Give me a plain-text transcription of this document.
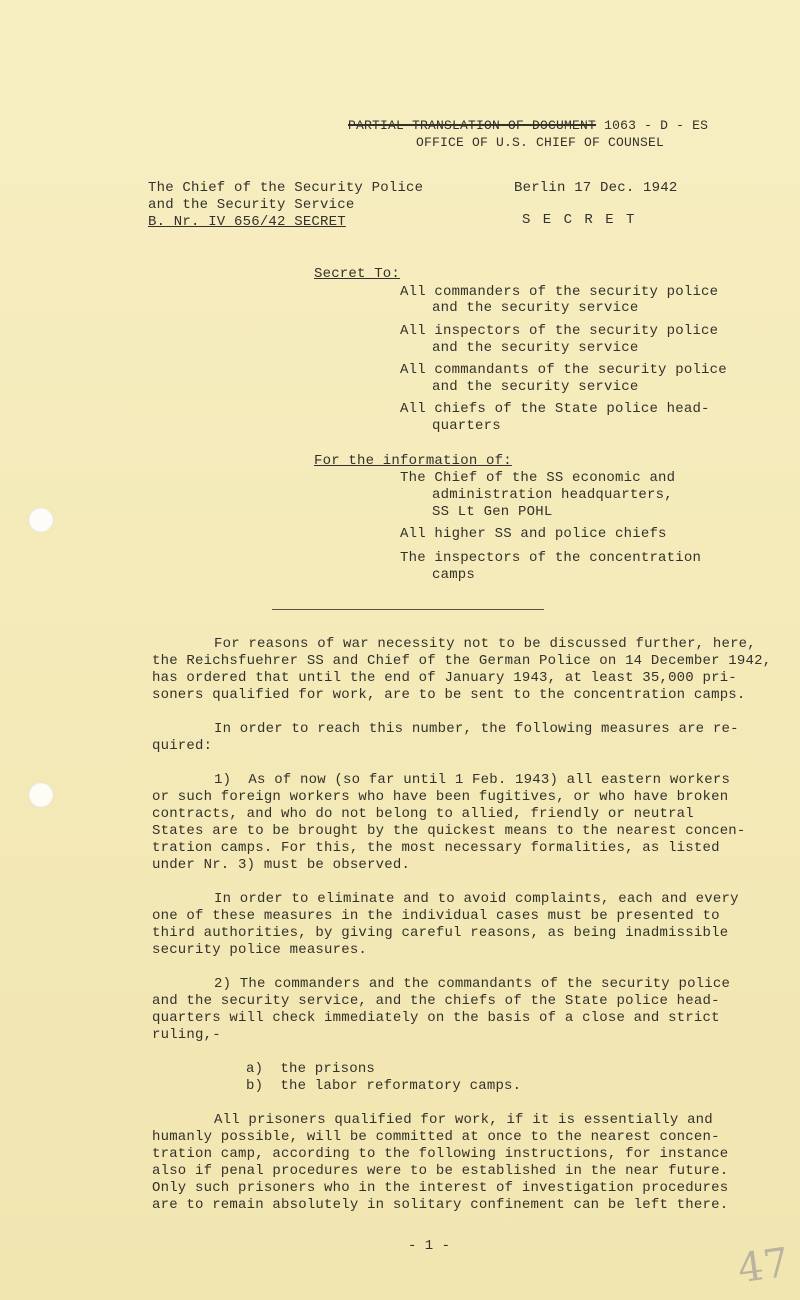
PARTIAL TRANSLATION OF DOCUMENT 1063 - D - ES
OFFICE OF U.S. CHIEF OF COUNSEL
The Chief of the Security Police
and the Security Service
B. Nr. IV 656/42 SECRET
Berlin 17 Dec. 1942
S E C R E T
Secret To:
All commanders of the security police
and the security service
All inspectors of the security police
and the security service
All commandants of the security police
and the security service
All chiefs of the State police head-
quarters
For the information of:
The Chief of the SS economic and
administration headquarters,
SS Lt Gen POHL
All higher SS and police chiefs
The inspectors of the concentration
camps
For reasons of war necessity not to be discussed further, here,
the Reichsfuehrer SS and Chief of the German Police on 14 December 1942,
has ordered that until the end of January 1943, at least 35,000 pri-
soners qualified for work, are to be sent to the concentration camps.
In order to reach this number, the following measures are re-
quired:
1)  As of now (so far until 1 Feb. 1943) all eastern workers
or such foreign workers who have been fugitives, or who have broken
contracts, and who do not belong to allied, friendly or neutral
States are to be brought by the quickest means to the nearest concen-
tration camps. For this, the most necessary formalities, as listed
under Nr. 3) must be observed.
In order to eliminate and to avoid complaints, each and every
one of these measures in the individual cases must be presented to
third authorities, by giving careful reasons, as being inadmissible
security police measures.
2) The commanders and the commandants of the security police
and the security service, and the chiefs of the State police head-
quarters will check immediately on the basis of a close and strict
ruling,-
a)  the prisons
b)  the labor reformatory camps.
All prisoners qualified for work, if it is essentially and
humanly possible, will be committed at once to the nearest concen-
tration camp, according to the following instructions, for instance
also if penal procedures were to be established in the near future.
Only such prisoners who in the interest of investigation procedures
are to remain absolutely in solitary confinement can be left there.
- 1 -	47
